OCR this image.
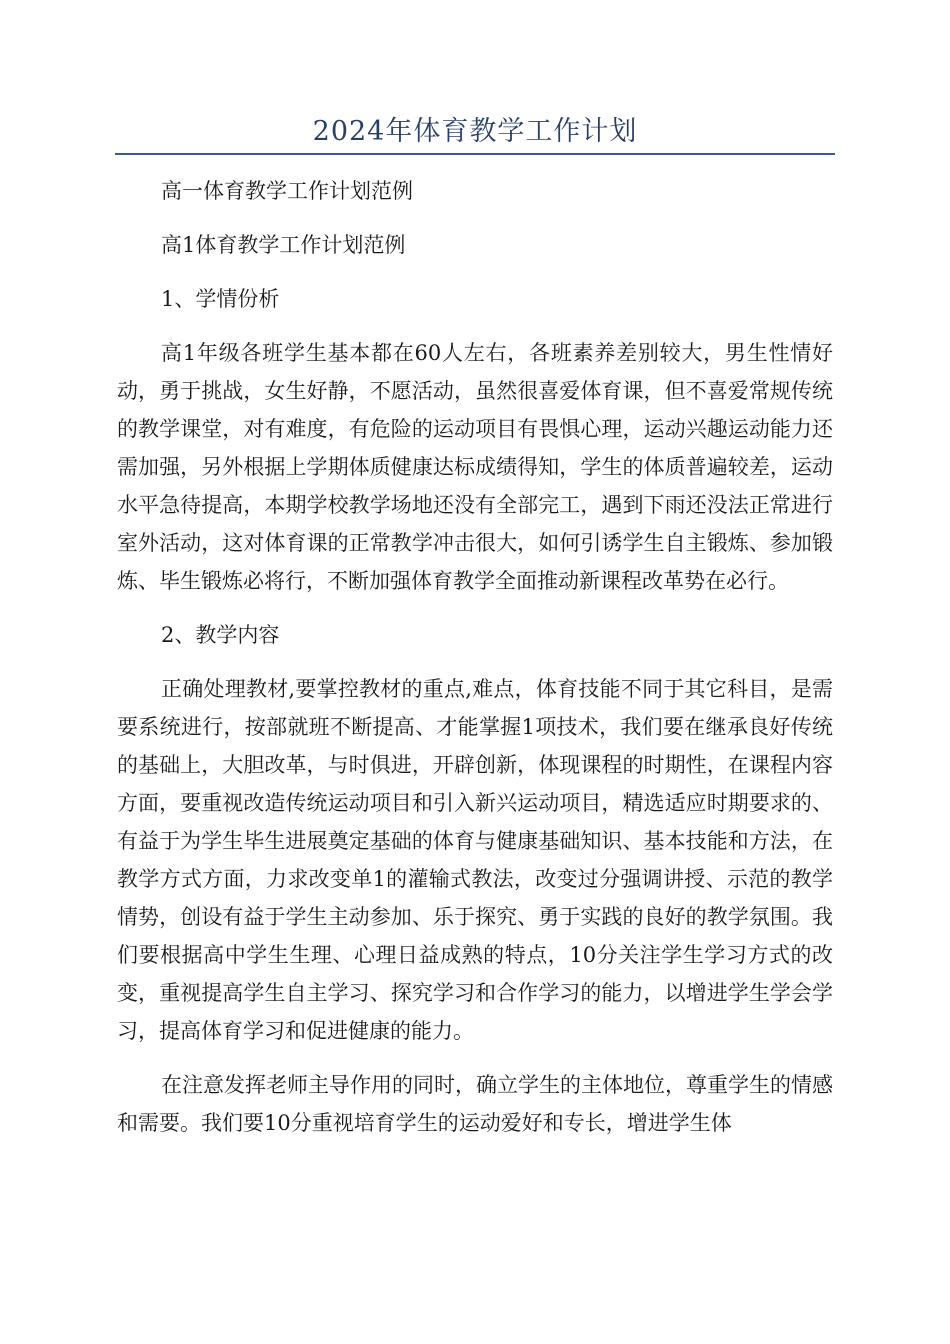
2024年体育教学工作计划

高一体育教学工作计划范例

高1体育教学工作计划范例

1、学情份析

高1年级各班学生基本都在60人左右，各班素养差别较大，男生性情好动，勇于挑战，女生好静，不愿活动，虽然很喜爱体育课，但不喜爱常规传统的教学课堂，对有难度，有危险的运动项目有畏惧心理，运动兴趣运动能力还需加强，另外根据上学期体质健康达标成绩得知，学生的体质普遍较差，运动水平急待提高，本期学校教学场地还没有全部完工，遇到下雨还没法正常进行室外活动，这对体育课的正常教学冲击很大，如何引诱学生自主锻炼、参加锻炼、毕生锻炼必将行，不断加强体育教学全面推动新课程改革势在必行。

2、教学内容

正确处理教材,要掌控教材的重点,难点，体育技能不同于其它科目，是需要系统进行，按部就班不断提高、才能掌握1项技术，我们要在继承良好传统的基础上，大胆改革，与时俱进，开辟创新，体现课程的时期性，在课程内容方面，要重视改造传统运动项目和引入新兴运动项目，精选适应时期要求的、有益于为学生毕生进展奠定基础的体育与健康基础知识、基本技能和方法，在教学方式方面，力求改变单1的灌输式教法，改变过分强调讲授、示范的教学情势，创设有益于学生主动参加、乐于探究、勇于实践的良好的教学氛围。我们要根据高中学生生理、心理日益成熟的特点，10分关注学生学习方式的改变，重视提高学生自主学习、探究学习和合作学习的能力，以增进学生学会学习，提高体育学习和促进健康的能力。

在注意发挥老师主导作用的同时，确立学生的主体地位，尊重学生的情感和需要。我们要10分重视培育学生的运动爱好和专长，增进学生体
